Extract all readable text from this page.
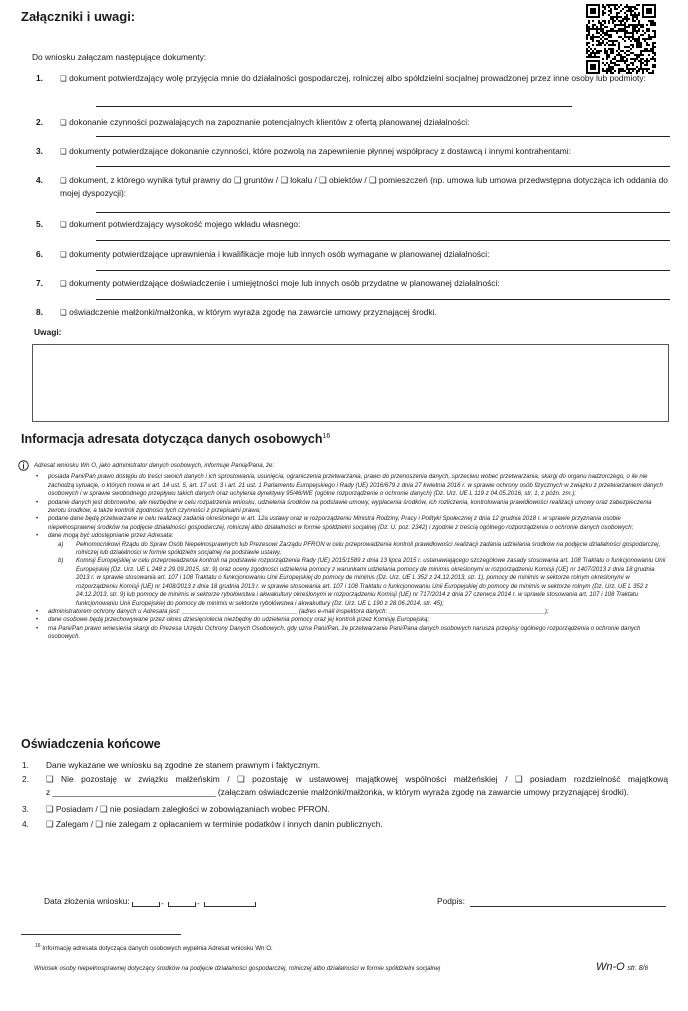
Załączniki i uwagi:
Do wniosku załączam następujące dokumenty:
1. ❑ dokument potwierdzający wolę przyjęcia mnie do działalności gospodarczej, rolniczej albo spółdzielni socjalnej prowadzonej przez inne osoby lub podmioty:
2. ❑ dokonanie czynności pozwalających na zapoznanie potencjalnych klientów z ofertą planowanej działalności:
3. ❑ dokumenty potwierdzające dokonanie czynności, które pozwolą na zapewnienie płynnej współpracy z dostawcą i innymi kontrahentami:
4. ❑ dokument, z którego wynika tytuł prawny do ❑ gruntów / ❑ lokalu / ❑ obiektów / ❑ pomieszczeń (np. umowa lub umowa przedwstępna dotycząca ich oddania do mojej dyspozycji):
5. ❑ dokument potwierdzający wysokość mojego wkładu własnego:
6. ❑ dokumenty potwierdzające uprawnienia i kwalifikacje moje lub innych osób wymagane w planowanej działalności:
7. ❑ dokumenty potwierdzające doświadczenie i umiejętności moje lub innych osób przydatne w planowanej działalności:
8. ❑ oświadczenie małżonki/małżonka, w którym wyraża zgodę na zawarcie umowy przyznającej środki.
Uwagi:
Informacja adresata dotycząca danych osobowych$^{16}$

Adresat wniosku Wn O, jako administrator danych osobowych, informuje Panią/Pana, że:

• posiada Pani/Pan prawo dostępu do treści swoich danych i ich sprostowania, usunięcia, ograniczenia przetwarzania, prawo do przenoszenia danych, sprzeciwu wobec przetwarzania, skargi do organu nadzorczego, o ile nie zachodzą sytuacje, o których mowa w art. 14 ust. 5, art. 17 ust. 3 i art. 21 ust. 1 Parlamentu Europejskiego i Rady (UE) 2016/679 z dnia 27 kwietnia 2016 r. w sprawie ochrony osób fizycznych w związku z przetwarzaniem danych osobowych i w sprawie swobodnego przepływu takich danych oraz uchylenia dyrektywy 95/46/WE (ogólne rozporządzenie o ochronie danych) (Dz. Urz. UE L 119 z 04.05.2016, str. 1, z późn. zm.);
• podanie danych jest dobrowolne, ale niezbędne w celu rozpatrzenia wniosku, udzielenia środków na podstawie umowy, wypłacenia środków, ich rozliczenia, kontrolowania prawidłowości realizacji umowy oraz zabezpieczenia zwrotu środków, a także kontroli zgodności tych czynności z przepisami prawa;
• podane dane będą przetwarzane w celu realizacji zadania określonego w art. 12a ustawy oraz w rozporządzeniu Ministra Rodziny, Pracy i Polityki Społecznej z dnia 12 grudnia 2018 r. w sprawie przyznania osobie niepełnosprawnej środków na podjęcie działalności gospodarczej, rolniczej albo działalności w formie spółdzielni socjalnej (Dz. U. poz. 2342) i zgodnie z treścią ogólnego rozporządzenia o ochronie danych osobowych;
• dane mogą być udostępnianie przez Adresata:
a) Pełnomocnikowi Rządu do Spraw Osób Niepełnosprawnych lub Prezesowi Zarządu PFRON w celu przeprowadzenia kontroli prawidłowości realizacji zadania udzielania środków na podjęcie działalności gospodarczej, rolniczej lub działalności w formie spółdzielni socjalnej na podstawie ustawy,
b) Komisji Europejskiej w celu przeprowadzenia kontroli na podstawie rozporządzenia Rady (UE) 2015/1589 z dnia 13 lipca 2015 r. ustanawiającego szczegółowe zasady stosowania art. 108 Traktatu o funkcjonowaniu Unii Europejskiej (Dz. Urz. UE L 248 z 29.09.2015, str. 9) oraz oceny zgodności udzielenia pomocy z warunkami udzielania pomocy de minimis określonymi w rozporządzeniu Komisji (UE) nr 1407/2013 z dnia 18 grudnia 2013 r. w sprawie stosowania art. 107 i 108 Traktatu o funkcjonowaniu Unii Europejskiej do pomocy de minimis (Dz. Urz. UE L 352 z 24.12.2013, str. 1), pomocy de minimis w sektorze rolnym określonymi w rozporządzeniu Komisji (UE) nr 1408/2013 z dnia 18 grudnia 2013 r. w sprawie stosowania art. 107 i 108 Traktatu o funkcjonowaniu Unii Europejskiej do pomocy de minimis w sektorze rolnym (Dz. Urz. UE L 352 z 24.12.2013, str. 9) lub pomocy de minimis w sektorze rybołówstwa i akwakultury określonymi w rozporządzeniu Komisji (UE) nr 717/2014 z dnia 27 czerwca 2014 r. w sprawie stosowania art. 107 i 108 Traktatu funkcjonowaniu Unii Europejskiej do pomocy de minimis w sektorze rybołówstwa i akwakultury (Dz. Urz. UE L 190 z 28.06.2014, str. 45);
• administratorem ochrony danych u Adresata jest: __________________________________ (adres e-mail inspektora danych: ______________________________________________);
• dane osobowe będą przechowywane przez okres dziesięciolecia niezbędny do udzielenia pomocy oraz jej kontroli przez Komisję Europejską;
• ma Pani/Pan prawo wniesienia skargi do Prezesa Urzędu Ochrony Danych Osobowych, gdy uzna Pani/Pan, że przetwarzanie Pani/Pana danych osobowych narusza przepisy ogólnego rozporządzenia o ochronie danych osobowych.
Oświadczenia końcowe
1. Dane wykazane we wniosku są zgodne ze stanem prawnym i faktycznym.
2. ❑ Nie pozostaję w związku małżeńskim / ❑ pozostaję w ustawowej majątkowej wspólności małżeńskiej / ❑ posiadam rozdzielność majątkową
z ___________________________________ (załączam oświadczenie małżonki/małżonka, w którym wyraża zgodę na zawarcie umowy przyznającej środki).
3. ❑ Posiadam / ❑ nie posiadam zaległości w zobowiązaniach wobec PFRON.
4. ❑ Zalegam / ❑ nie zalegam z opłacaniem w terminie podatków i innych danin publicznych.
Data złożenia wniosku:	-	-	Podpis:
$^{16}$ Informację adresata dotycząca danych osobowych wypełnia Adresat wniosku Wn O.
Wniosek osoby niepełnosprawnej dotyczący środków na podjęcie działalności gospodarczej, rolniczej albo działalności w formie spółdzielni socjalnej	Wn-O str. 8/8
